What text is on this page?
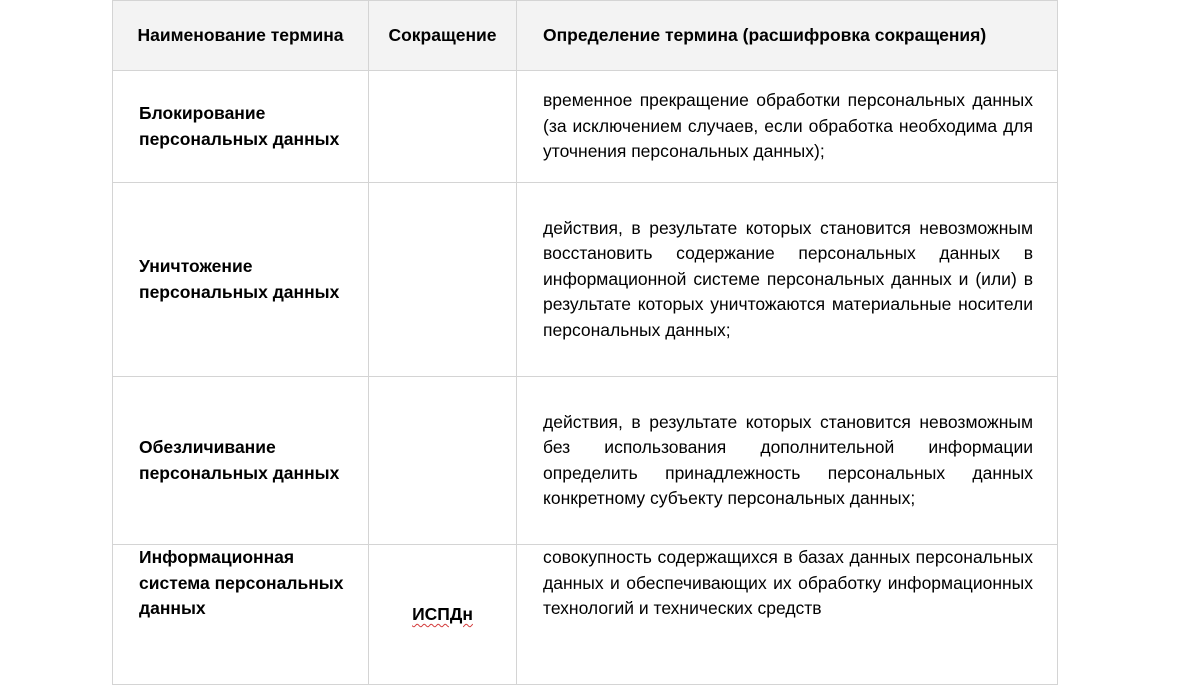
Наименование термина	Сокращение	Определение термина (расшифровка сокращения)
Блокирование персональных данных		временное прекращение обработки персональных данных (за исключением случаев, если обработка необходима для уточнения персональных данных);
Уничтожение персональных данных		действия, в результате которых становится невозможным восстановить содержание персональных данных в информационной системе персональных данных и (или) в результате которых уничтожаются материальные носители персональных данных;
Обезличивание персональных данных		действия, в результате которых становится невозможным без использования дополнительной информации определить принадлежность персональных данных конкретному субъекту персональных данных;
Информационная система персональных данных	ИСПДн	совокупность содержащихся в базах данных персональных данных и обеспечивающих их обработку информационных технологий и технических средств
